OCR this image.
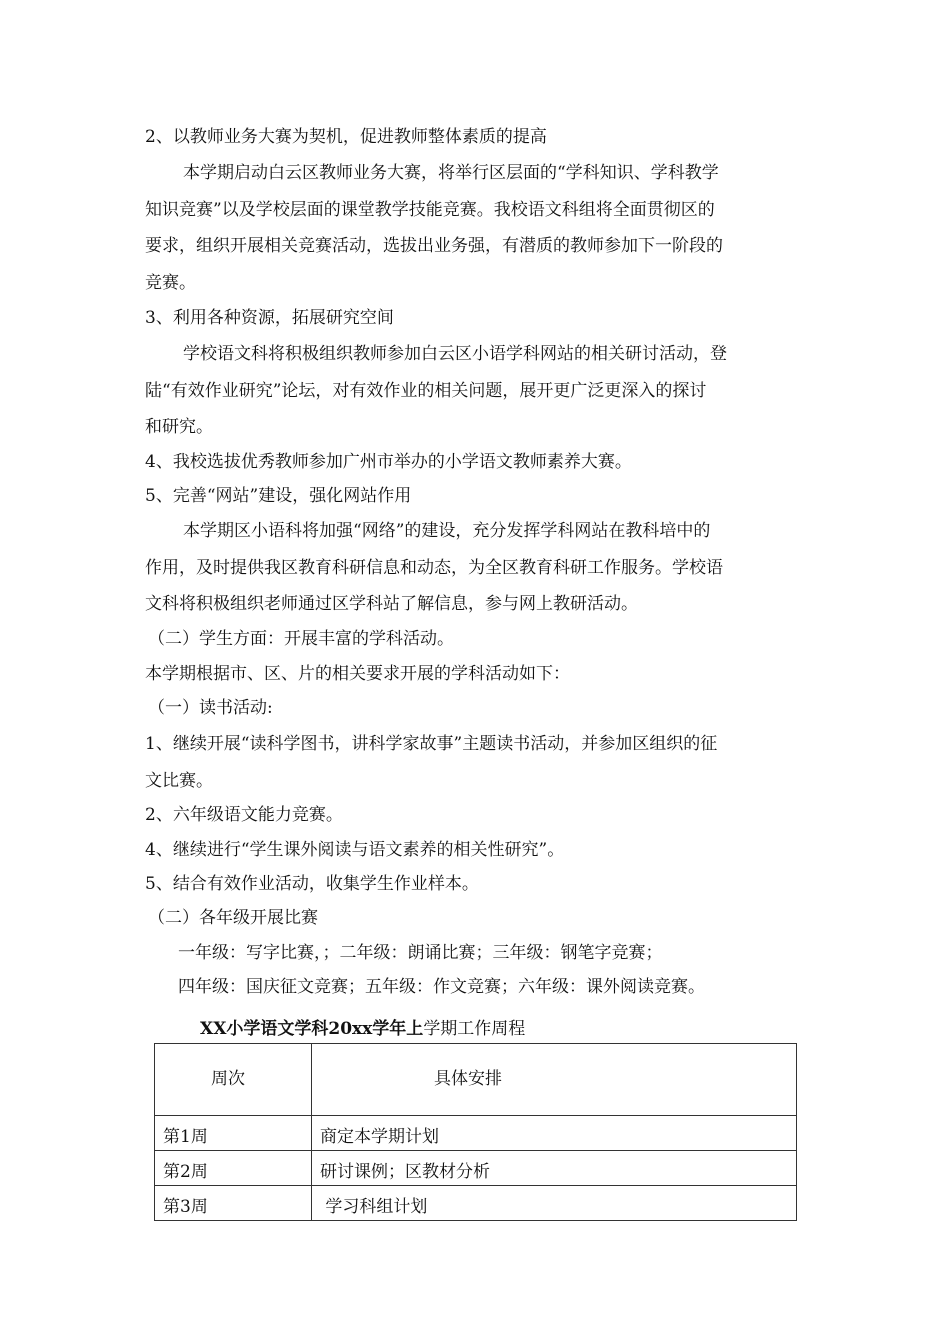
2、以教师业务大赛为契机，促进教师整体素质的提高
本学期启动白云区教师业务大赛，将举行区层面的“学科知识、学科教学
知识竞赛”以及学校层面的课堂教学技能竞赛。我校语文科组将全面贯彻区的
要求，组织开展相关竞赛活动，选拔出业务强，有潜质的教师参加下一阶段的
竞赛。
3、利用各种资源，拓展研究空间
学校语文科将积极组织教师参加白云区小语学科网站的相关研讨活动，登
陆“有效作业研究”论坛，对有效作业的相关问题，展开更广泛更深入的探讨
和研究。
4、我校选拔优秀教师参加广州市举办的小学语文教师素养大赛。
5、完善“网站”建设，强化网站作用
本学期区小语科将加强“网络”的建设，充分发挥学科网站在教科培中的
作用，及时提供我区教育科研信息和动态，为全区教育科研工作服务。学校语
文科将积极组织老师通过区学科站了解信息，参与网上教研活动。
（二）学生方面：开展丰富的学科活动。
本学期根据市、区、片的相关要求开展的学科活动如下：
（一）读书活动:
1、继续开展“读科学图书，讲科学家故事”主题读书活动，并参加区组织的征
文比赛。
2、六年级语文能力竞赛。
4、继续进行“学生课外阅读与语文素养的相关性研究”。
5、结合有效作业活动，收集学生作业样本。
（二）各年级开展比赛
一年级：写字比赛，；二年级：朗诵比赛；三年级：钢笔字竞赛；
四年级：国庆征文竞赛；五年级：作文竞赛；六年级：课外阅读竞赛。
XX小学语文学科20xx学年上学期工作周程
周次	具体安排
第1周	商定本学期计划
第2周	研讨课例；区教材分析
第3周	学习科组计划
